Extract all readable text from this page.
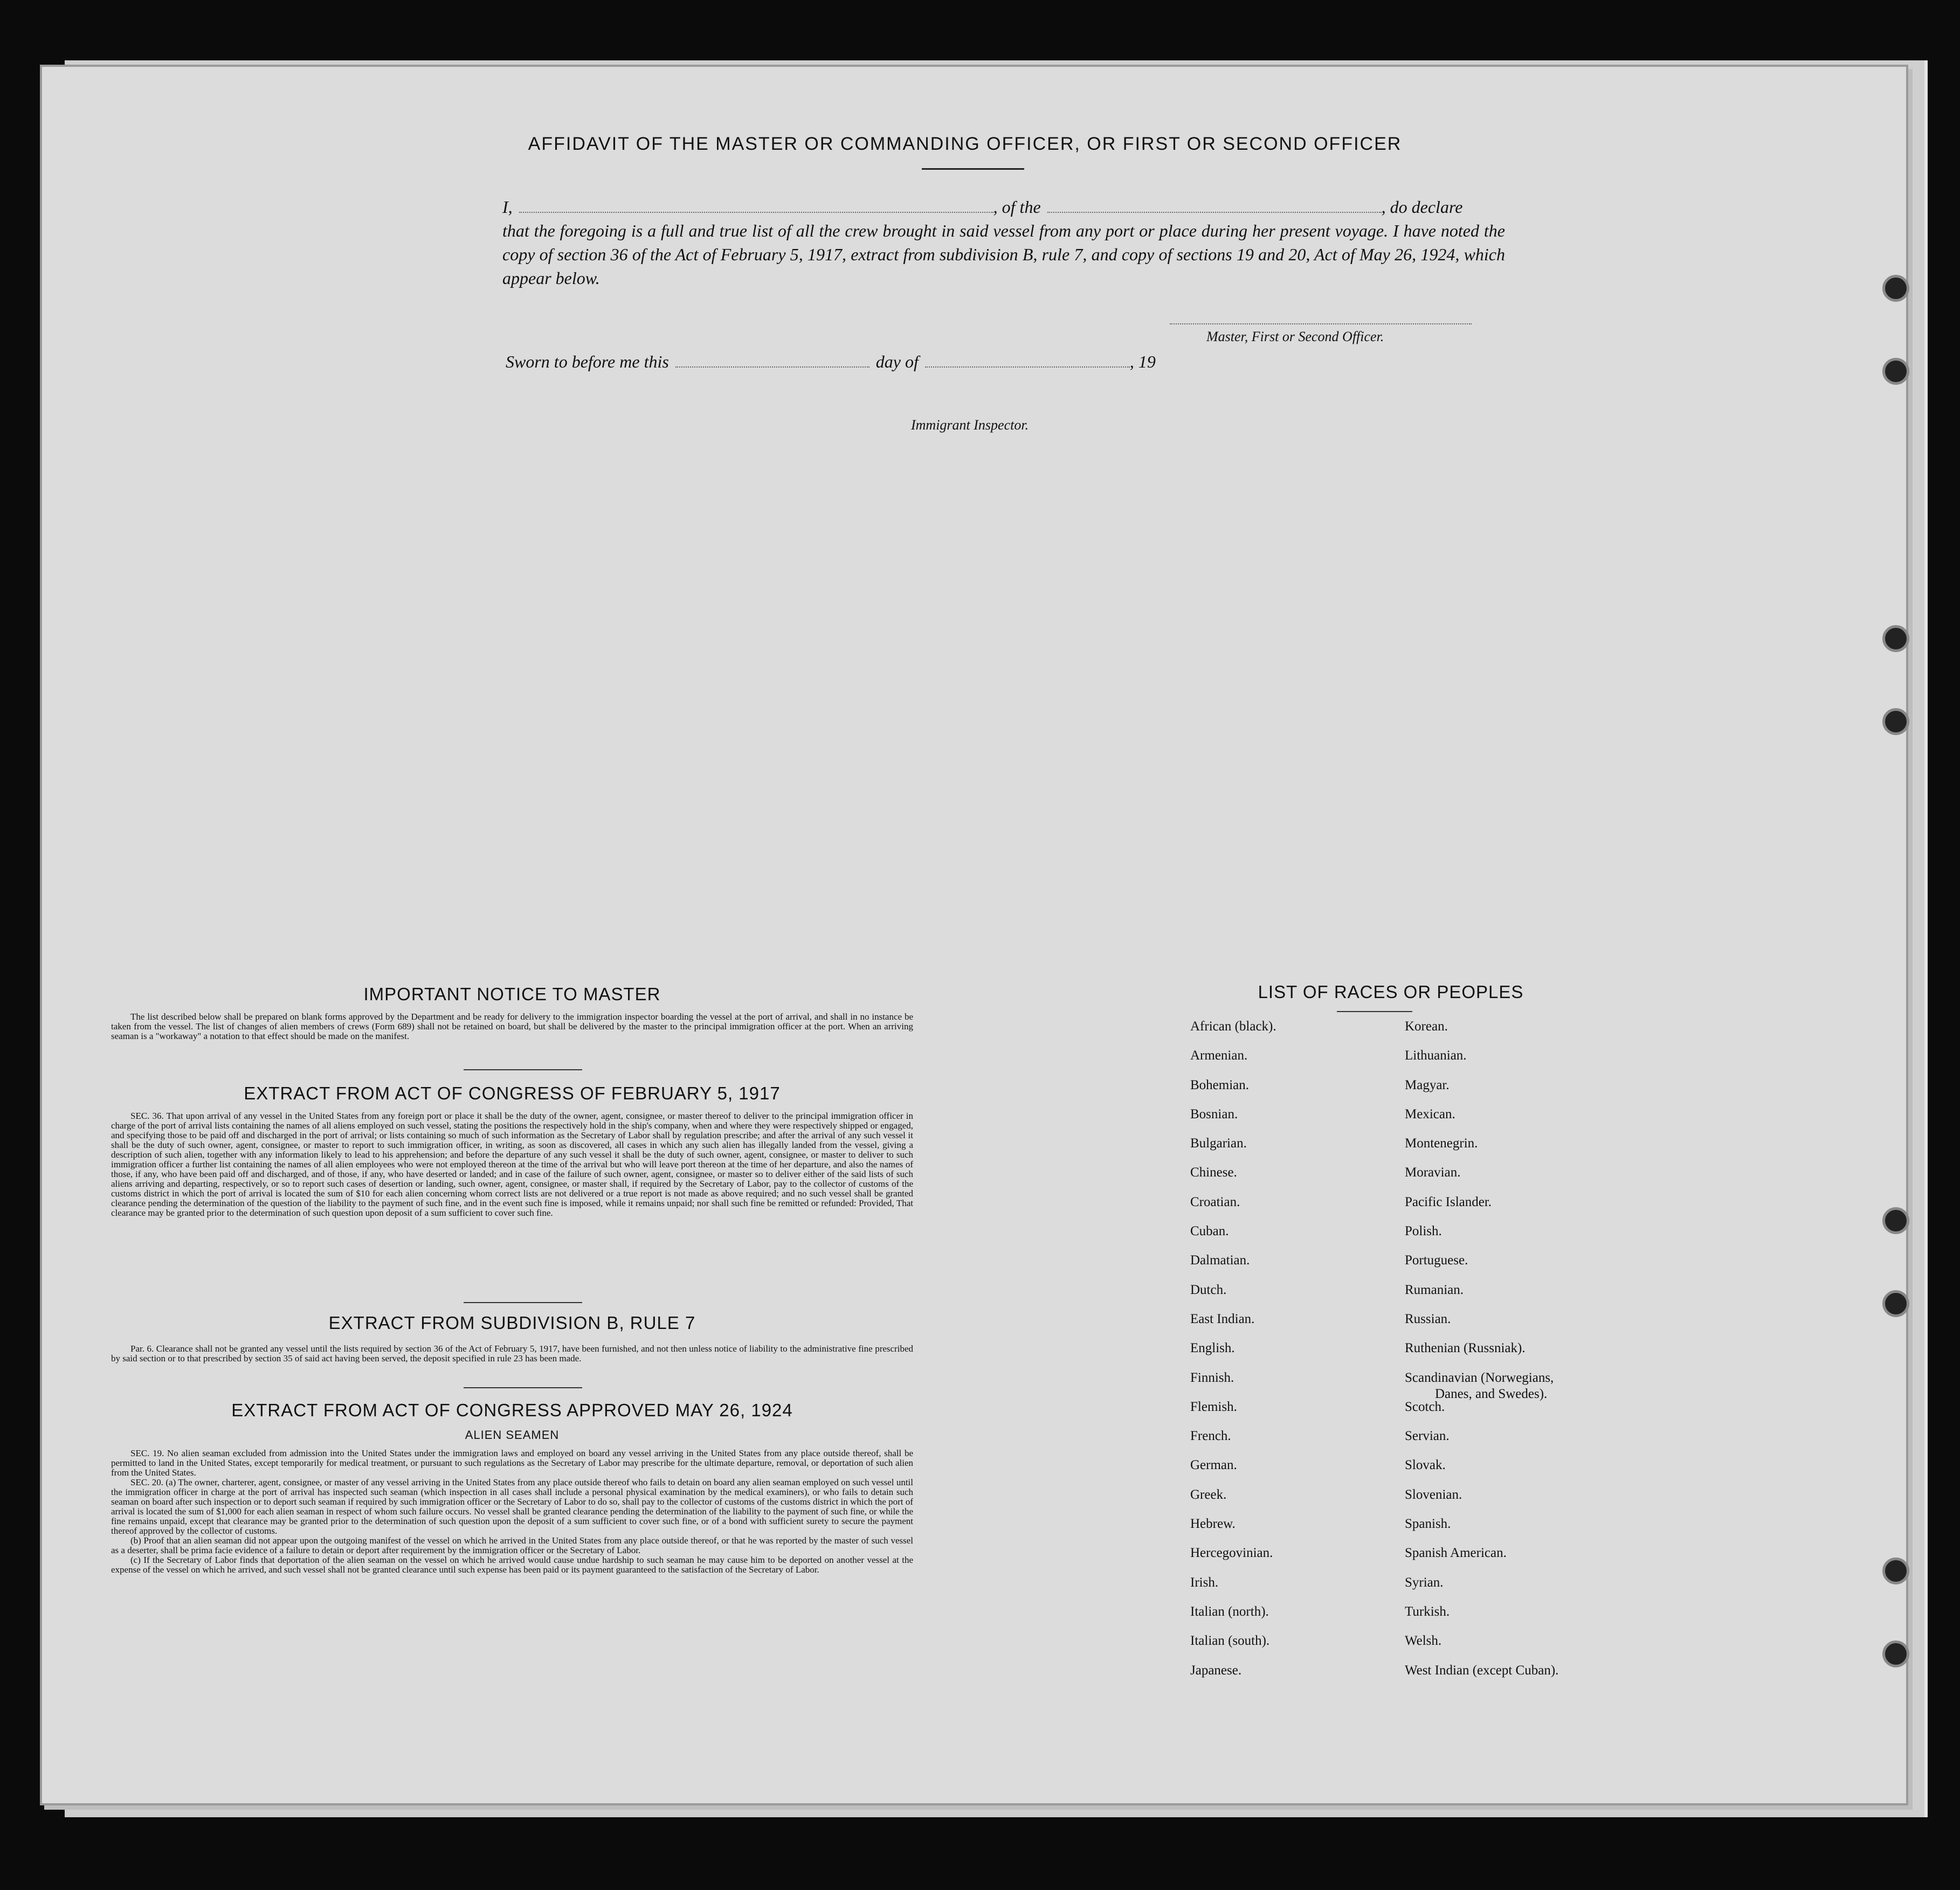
AFFIDAVIT OF THE MASTER OR COMMANDING OFFICER, OR FIRST OR SECOND OFFICER
I,	, of the	, do declare
that the foregoing is a full and true list of all the crew brought in said vessel from any port or place during her present voyage. I have noted the copy of section 36 of the Act of February 5, 1917, extract from subdivision B, rule 7, and copy of sections 19 and 20, Act of May 26, 1924, which appear below.
Master, First or Second Officer.
Sworn to before me this	day of	, 19
Immigrant Inspector.
IMPORTANT NOTICE TO MASTER
The list described below shall be prepared on blank forms approved by the Department and be ready for delivery to the immigration inspector boarding the vessel at the port of arrival, and shall in no instance be taken from the vessel. The list of changes of alien members of crews (Form 689) shall not be retained on board, but shall be delivered by the master to the principal immigration officer at the port. When an arriving seaman is a "workaway" a notation to that effect should be made on the manifest.
EXTRACT FROM ACT OF CONGRESS OF FEBRUARY 5, 1917
SEC. 36. That upon arrival of any vessel in the United States from any foreign port or place it shall be the duty of the owner, agent, consignee, or master thereof to deliver to the principal immigration officer in charge of the port of arrival lists containing the names of all aliens employed on such vessel, stating the positions the respectively hold in the ship's company, when and where they were respectively shipped or engaged, and specifying those to be paid off and discharged in the port of arrival; or lists containing so much of such information as the Secretary of Labor shall by regulation prescribe; and after the arrival of any such vessel it shall be the duty of such owner, agent, consignee, or master to report to such immigration officer, in writing, as soon as discovered, all cases in which any such alien has illegally landed from the vessel, giving a description of such alien, together with any information likely to lead to his apprehension; and before the departure of any such vessel it shall be the duty of such owner, agent, consignee, or master to deliver to such immigration officer a further list containing the names of all alien employees who were not employed thereon at the time of the arrival but who will leave port thereon at the time of her departure, and also the names of those, if any, who have been paid off and discharged, and of those, if any, who have deserted or landed; and in case of the failure of such owner, agent, consignee, or master so to deliver either of the said lists of such aliens arriving and departing, respectively, or so to report such cases of desertion or landing, such owner, agent, consignee, or master shall, if required by the Secretary of Labor, pay to the collector of customs of the customs district in which the port of arrival is located the sum of $10 for each alien concerning whom correct lists are not delivered or a true report is not made as above required; and no such vessel shall be granted clearance pending the determination of the question of the liability to the payment of such fine, and in the event such fine is imposed, while it remains unpaid; nor shall such fine be remitted or refunded: Provided, That clearance may be granted prior to the determination of such question upon deposit of a sum sufficient to cover such fine.
EXTRACT FROM SUBDIVISION B, RULE 7
Par. 6. Clearance shall not be granted any vessel until the lists required by section 36 of the Act of February 5, 1917, have been furnished, and not then unless notice of liability to the administrative fine prescribed by said section or to that prescribed by section 35 of said act having been served, the deposit specified in rule 23 has been made.
EXTRACT FROM ACT OF CONGRESS APPROVED MAY 26, 1924
ALIEN SEAMEN

SEC. 19. No alien seaman excluded from admission into the United States under the immigration laws and employed on board any vessel arriving in the United States from any place outside thereof, shall be permitted to land in the United States, except temporarily for medical treatment, or pursuant to such regulations as the Secretary of Labor may prescribe for the ultimate departure, removal, or deportation of such alien from the United States.

SEC. 20. (a) The owner, charterer, agent, consignee, or master of any vessel arriving in the United States from any place outside thereof who fails to detain on board any alien seaman employed on such vessel until the immigration officer in charge at the port of arrival has inspected such seaman (which inspection in all cases shall include a personal physical examination by the medical examiners), or who fails to detain such seaman on board after such inspection or to deport such seaman if required by such immigration officer or the Secretary of Labor to do so, shall pay to the collector of customs of the customs district in which the port of arrival is located the sum of $1,000 for each alien seaman in respect of whom such failure occurs. No vessel shall be granted clearance pending the determination of the liability to the payment of such fine, or while the fine remains unpaid, except that clearance may be granted prior to the determination of such question upon the deposit of a sum sufficient to cover such fine, or of a bond with sufficient surety to secure the payment thereof approved by the collector of customs.

(b) Proof that an alien seaman did not appear upon the outgoing manifest of the vessel on which he arrived in the United States from any place outside thereof, or that he was reported by the master of such vessel as a deserter, shall be prima facie evidence of a failure to detain or deport after requirement by the immigration officer or the Secretary of Labor.

(c) If the Secretary of Labor finds that deportation of the alien seaman on the vessel on which he arrived would cause undue hardship to such seaman he may cause him to be deported on another vessel at the expense of the vessel on which he arrived, and such vessel shall not be granted clearance until such expense has been paid or its payment guaranteed to the satisfaction of the Secretary of Labor.

LIST OF RACES OR PEOPLES
African (black).
Armenian.
Bohemian.
Bosnian.
Bulgarian.
Chinese.
Croatian.
Cuban.
Dalmatian.
Dutch.
East Indian.
English.
Finnish.
Flemish.
French.
German.
Greek.
Hebrew.
Hercegovinian.
Irish.
Italian (north).
Italian (south).
Japanese.
Korean.
Lithuanian.
Magyar.
Mexican.
Montenegrin.
Moravian.
Pacific Islander.
Polish.
Portuguese.
Rumanian.
Russian.
Ruthenian (Russniak).
Scandinavian (Norwegians,
Danes, and Swedes).
Scotch.
Servian.
Slovak.
Slovenian.
Spanish.
Spanish American.
Syrian.
Turkish.
Welsh.
West Indian (except Cuban).
